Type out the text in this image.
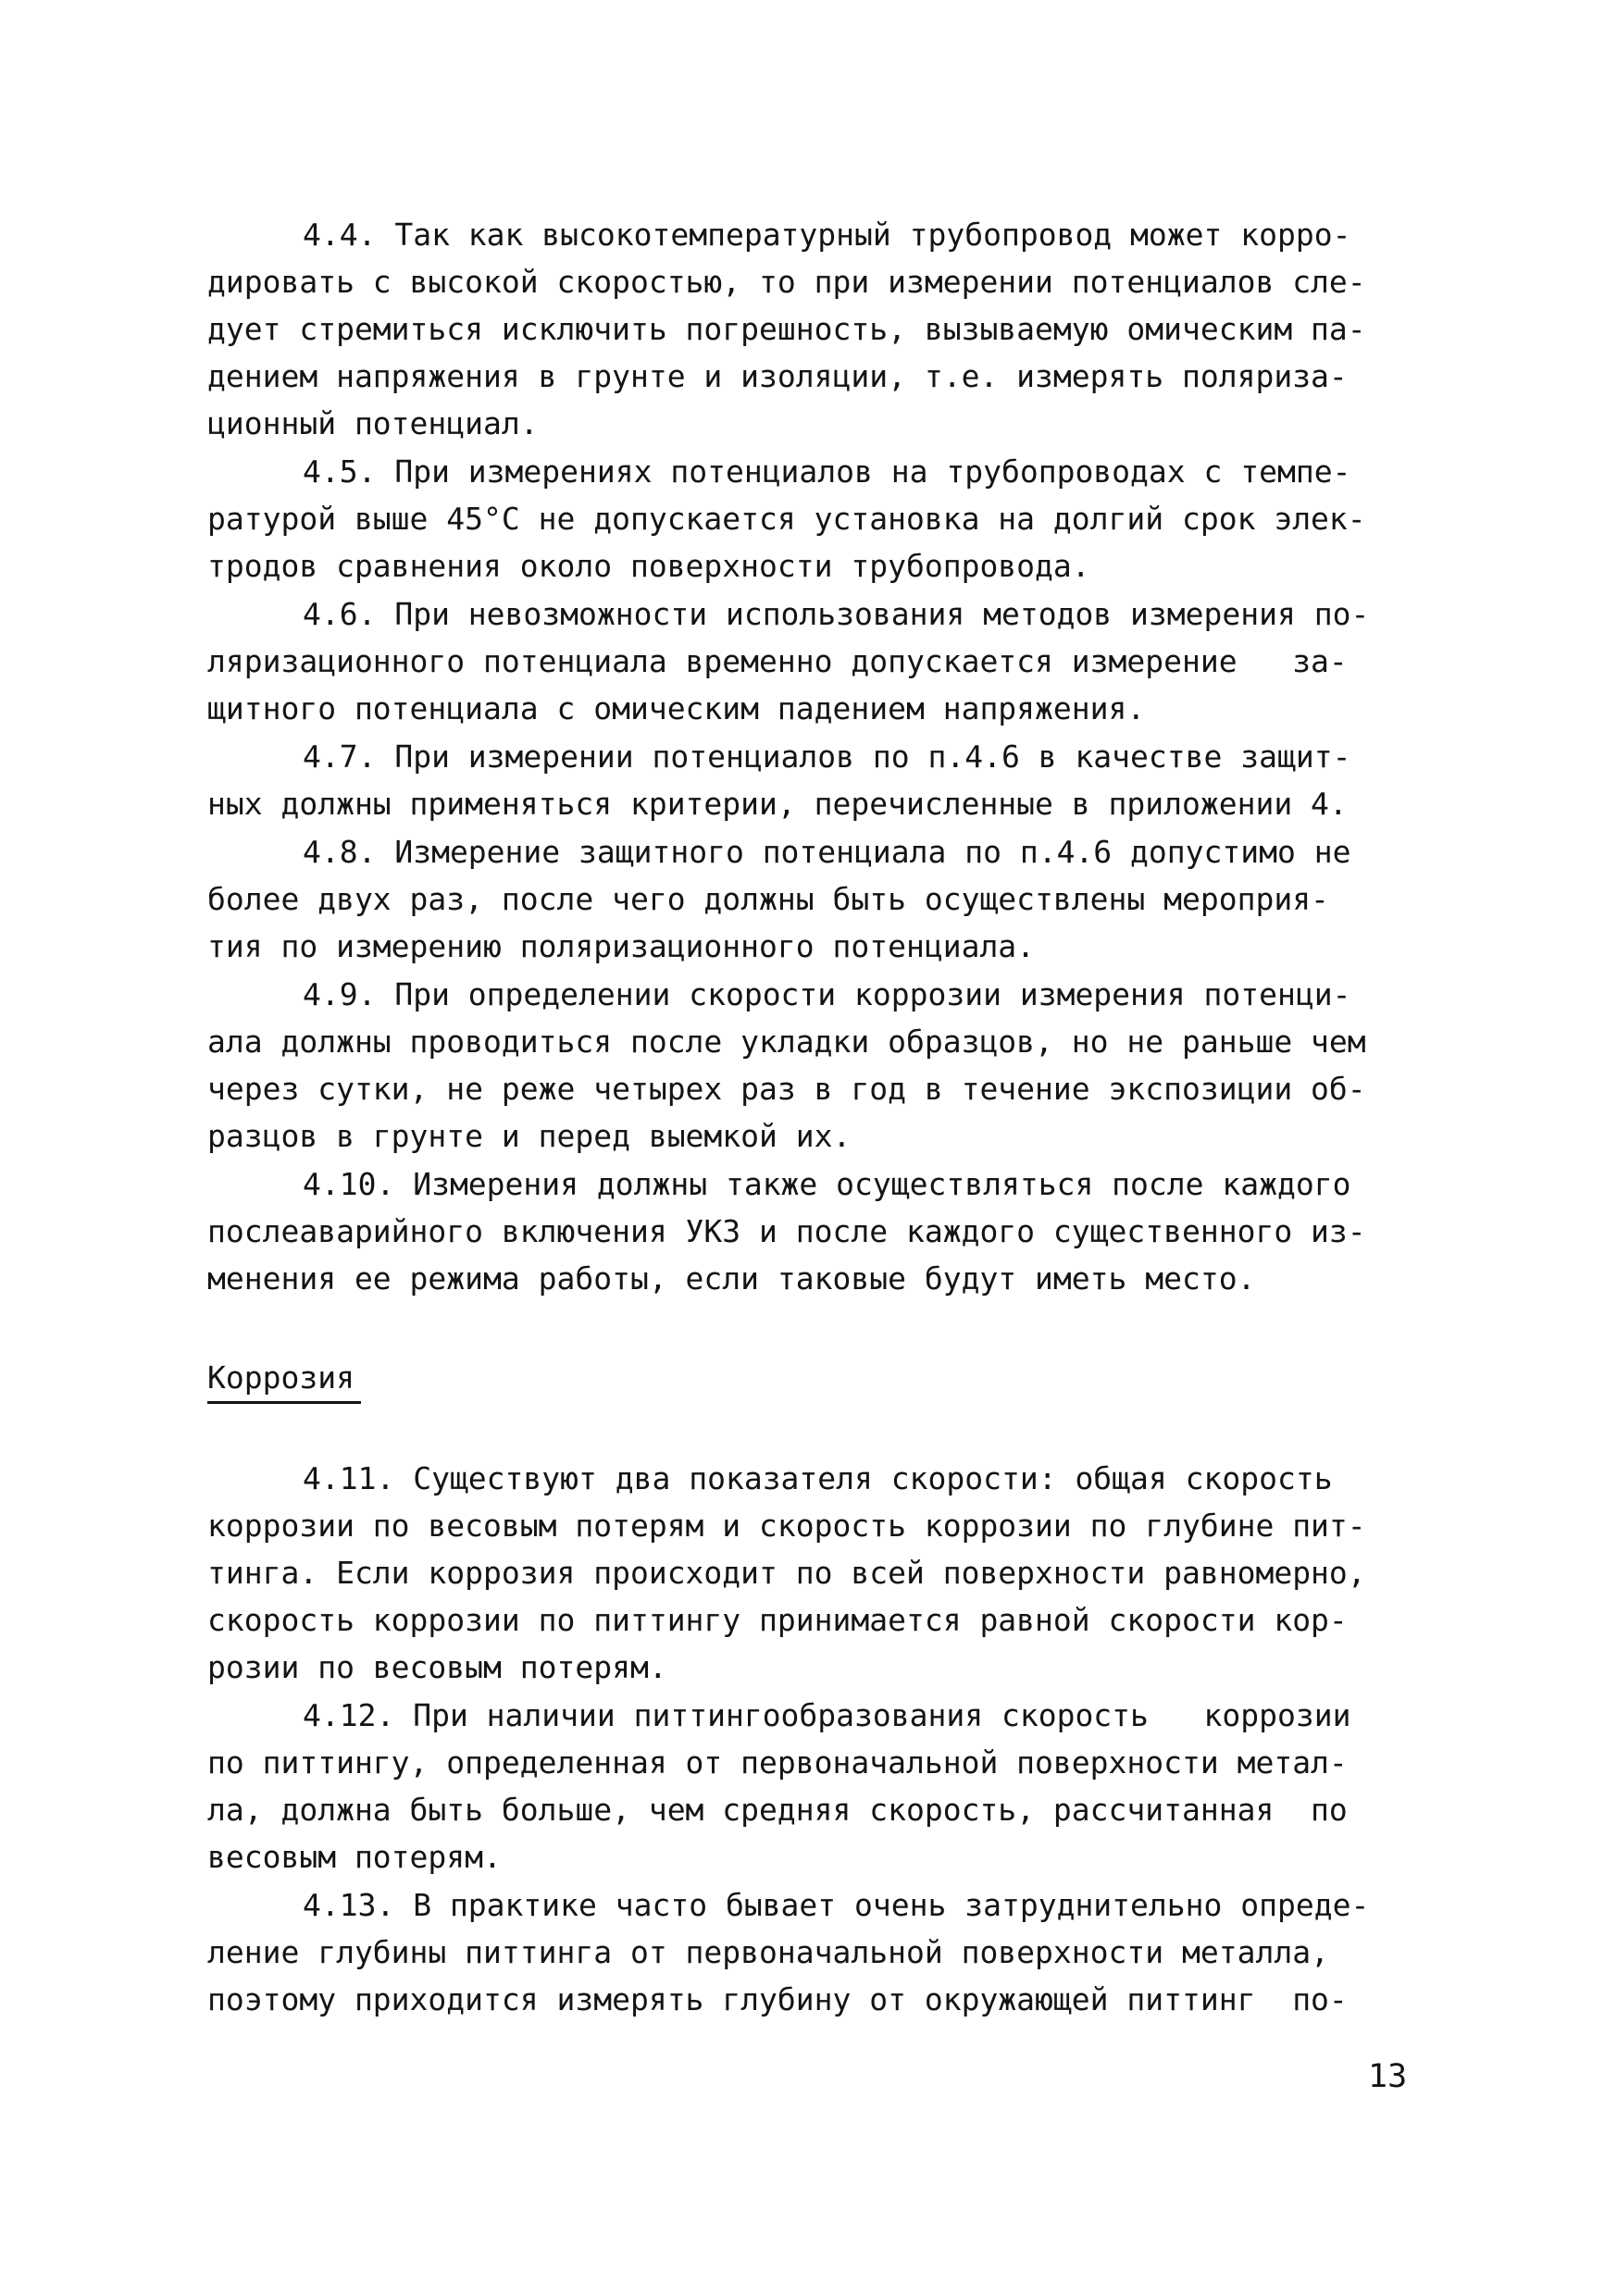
4.4. Так как высокотемпературный трубопровод может корро-
дировать с высокой скоростью, то при измерении потенциалов сле-
дует стремиться исключить погрешность, вызываемую омическим па-
дением напряжения в грунте и изоляции, т.е. измерять поляриза-
ционный потенциал.
4.5. При измерениях потенциалов на трубопроводах с темпе-
ратурой выше 45°С не допускается установка на долгий срок элек-
тродов сравнения около поверхности трубопровода.
4.6. При невозможности использования методов измерения по-
ляризационного потенциала временно допускается измерение   за-
щитного потенциала с омическим падением напряжения.
4.7. При измерении потенциалов по п.4.6 в качестве защит-
ных должны применяться критерии, перечисленные в приложении 4.
4.8. Измерение защитного потенциала по п.4.6 допустимо не
более двух раз, после чего должны быть осуществлены мероприя-
тия по измерению поляризационного потенциала.
4.9. При определении скорости коррозии измерения потенци-
ала должны проводиться после укладки образцов, но не раньше чем
через сутки, не реже четырех раз в год в течение экспозиции об-
разцов в грунте и перед выемкой их.
4.10. Измерения должны также осуществляться после каждого
послеаварийного включения УКЗ и после каждого существенного из-
менения ее режима работы, если таковые будут иметь место.
Коррозия
4.11. Существуют два показателя скорости: общая скорость
коррозии по весовым потерям и скорость коррозии по глубине пит-
тинга. Если коррозия происходит по всей поверхности равномерно,
скорость коррозии по питтингу принимается равной скорости кор-
розии по весовым потерям.
4.12. При наличии питтингообразования скорость   коррозии
по питтингу, определенная от первоначальной поверхности метал-
ла, должна быть больше, чем средняя скорость, рассчитанная  по
весовым потерям.
4.13. В практике часто бывает очень затруднительно опреде-
ление глубины питтинга от первоначальной поверхности металла,
поэтому приходится измерять глубину от окружающей питтинг  по-
13
